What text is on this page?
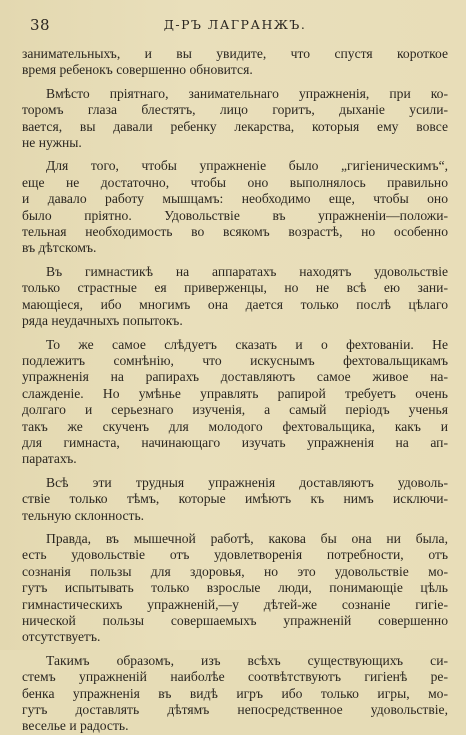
38	Д-РЪ ЛАГРАНЖЪ.
занимательныхъ, и вы увидите, что спустя короткое
время ребенокъ совершенно обновится.
Вмѣсто пріятнаго, занимательнаго упражненія, при ко-
торомъ глаза блестятъ, лицо горитъ, дыханіе усили-
вается, вы давали ребенку лекарства, которыя ему вовсе
не нужны.
Для того, чтобы упражненіе было „гигіеническимъ“,
еще не достаточно, чтобы оно выполнялось правильно
и давало работу мышцамъ: необходимо еще, чтобы оно
было пріятно. Удовольствіе въ упражненіи—положи-
тельная необходимость во всякомъ возрастѣ, но особенно
въ дѣтскомъ.
Въ гимнастикѣ на аппаратахъ находятъ удовольствіе
только страстные ея приверженцы, но не всѣ ею зани-
мающіеся, ибо многимъ она дается только послѣ цѣлаго
ряда неудачныхъ попытокъ.
То же самое слѣдуетъ сказать и о фехтованіи. Не
подлежитъ сомнѣнію, что искуснымъ фехтовальщикамъ
упражненія на рапирахъ доставляютъ самое живое на-
слажденіе. Но умѣнье управлять рапирой требуетъ очень
долгаго и серьезнаго изученія, а самый періодъ ученья
такъ же скученъ для молодого фехтовальщика, какъ и
для гимнаста, начинающаго изучать упражненія на ап-
паратахъ.
Всѣ эти трудныя упражненія доставляютъ удоволь-
ствіе только тѣмъ, которые имѣютъ къ нимъ исключи-
тельную склонность.
Правда, въ мышечной работѣ, какова бы она ни была,
есть удовольствіе отъ удовлетворенія потребности, отъ
сознанія пользы для здоровья, но это удовольствіе мо-
гутъ испытывать только взрослые люди, понимающіе цѣль
гимнастическихъ упражненій,—у дѣтей-же сознаніе гигіе-
нической пользы совершаемыхъ упражненій совершенно
отсутствуетъ.
Такимъ образомъ, изъ всѣхъ существующихъ си-
стемъ упражненій наиболѣе соотвѣтствуютъ гигіенѣ ре-
бенка упражненія въ видѣ игръ ибо только игры, мо-
гутъ доставлять дѣтямъ непосредственное удовольствіе,
веселье и радость.
